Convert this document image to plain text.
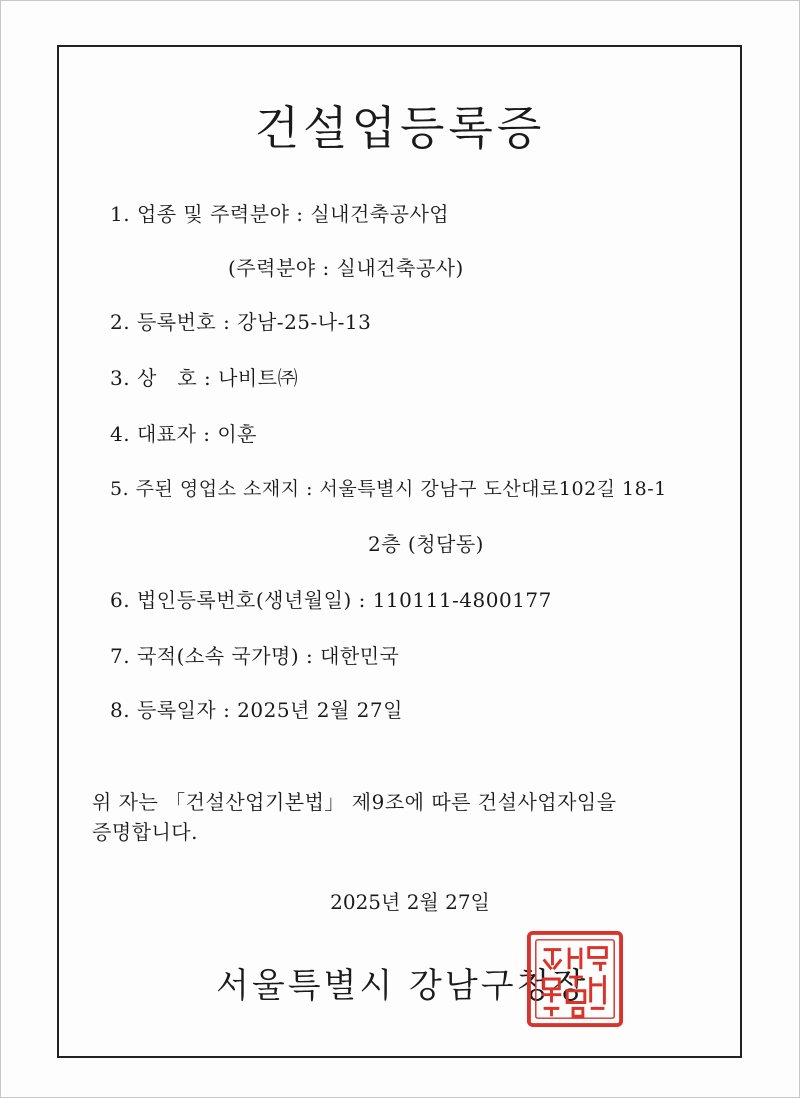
건설업등록증
1. 업종 및 주력분야 : 실내건축공사업
(주력분야 : 실내건축공사)
2. 등록번호 : 강남-25-나-13
3. 상   호 : 나비트㈜
4. 대표자 : 이훈
5. 주된 영업소 소재지 : 서울특별시 강남구 도산대로102길 18-1
2층 (청담동)
6. 법인등록번호(생년월일) : 110111-4800177
7. 국적(소속 국가명) : 대한민국
8. 등록일자 : 2025년 2월 27일
위 자는 「건설산업기본법」 제9조에 따른 건설사업자임을
증명합니다.
2025년 2월 27일
서울특별시 강남구청장
